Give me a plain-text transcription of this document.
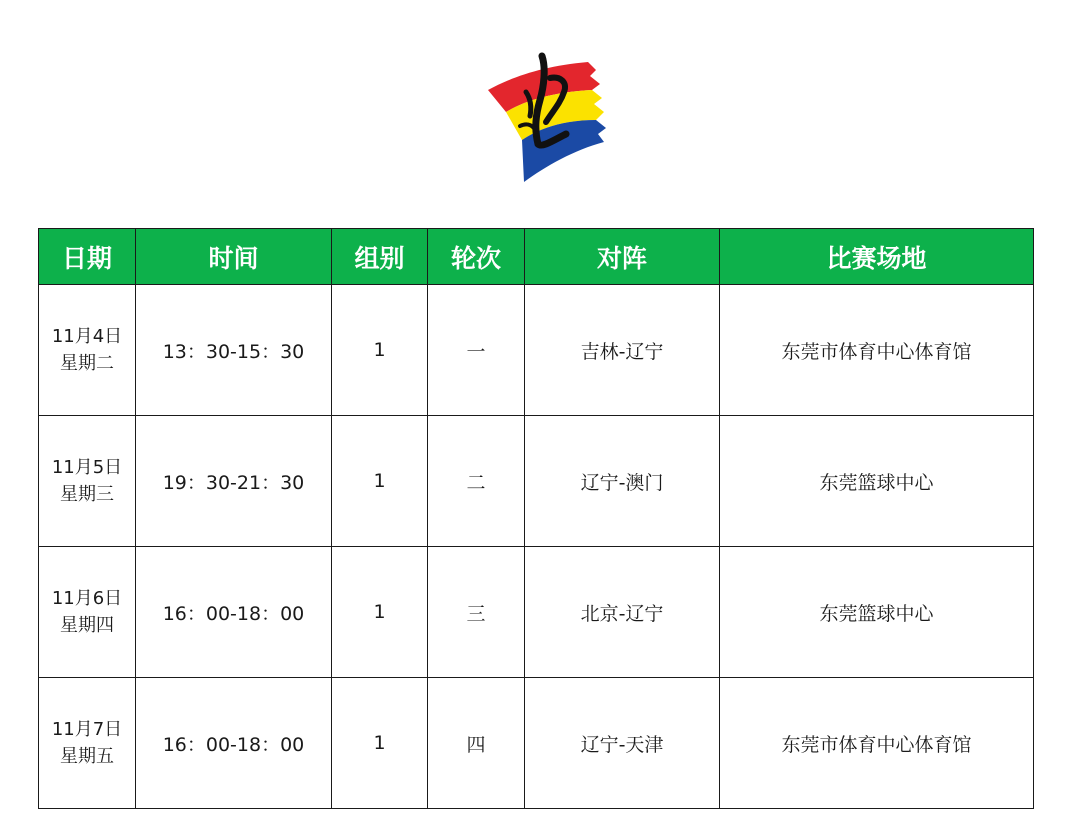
日期	时间	组别	轮次	对阵	比赛场地

11月4日
星期二	13：30-15：30	1	一	吉林-辽宁	东莞市体育中心体育馆

11月5日
星期三	19：30-21：30	1	二	辽宁-澳门	东莞篮球中心

11月6日
星期四	16：00-18：00	1	三	北京-辽宁	东莞篮球中心

11月7日
星期五	16：00-18：00	1	四	辽宁-天津	东莞市体育中心体育馆
